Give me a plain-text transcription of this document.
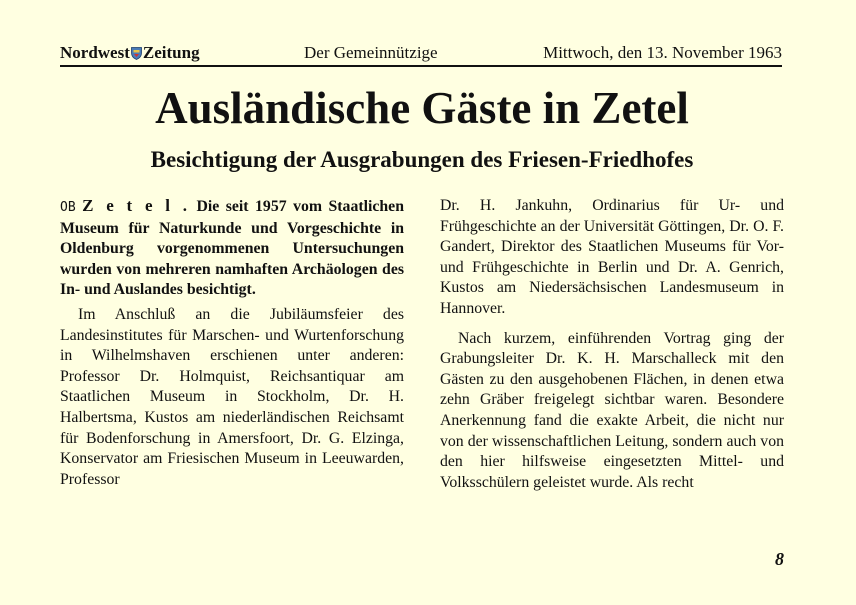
Nordwest Zeitung	Der Gemeinnützige	Mittwoch, den 13. November 1963
Ausländische Gäste in Zetel
Besichtigung der Ausgrabungen des Friesen-Friedhofes

OB Z e t e l . Die seit 1957 vom Staatlichen Museum für Naturkunde und Vorgeschichte in Oldenburg vorgenommenen Untersuchungen wurden von mehreren namhaften Archäologen des In- und Auslandes besichtigt.

Im Anschluß an die Jubiläumsfeier des Landesinstitutes für Marschen- und Wurtenforschung in Wilhelmshaven erschienen unter anderen: Professor Dr. Holmquist, Reichsantiquar am Staatlichen Museum in Stockholm, Dr. H. Halbertsma, Kustos am niederländischen Reichsamt für Bodenforschung in Amersfoort, Dr. G. Elzinga, Konservator am Friesischen Museum in Leeuwarden, Professor

Dr. H. Jankuhn, Ordinarius für Ur- und Frühgeschichte an der Universität Göttingen, Dr. O. F. Gandert, Direktor des Staatlichen Museums für Vor- und Frühgeschichte in Berlin und Dr. A. Genrich, Kustos am Niedersächsischen Landesmuseum in Hannover.

Nach kurzem, einführenden Vortrag ging der Grabungsleiter Dr. K. H. Marschalleck mit den Gästen zu den ausgehobenen Flächen, in denen etwa zehn Gräber freigelegt sichtbar waren. Besondere Anerkennung fand die exakte Arbeit, die nicht nur von der wissenschaftlichen Leitung, sondern auch von den hier hilfsweise eingesetzten Mittel- und Volksschülern geleistet wurde. Als recht

8
